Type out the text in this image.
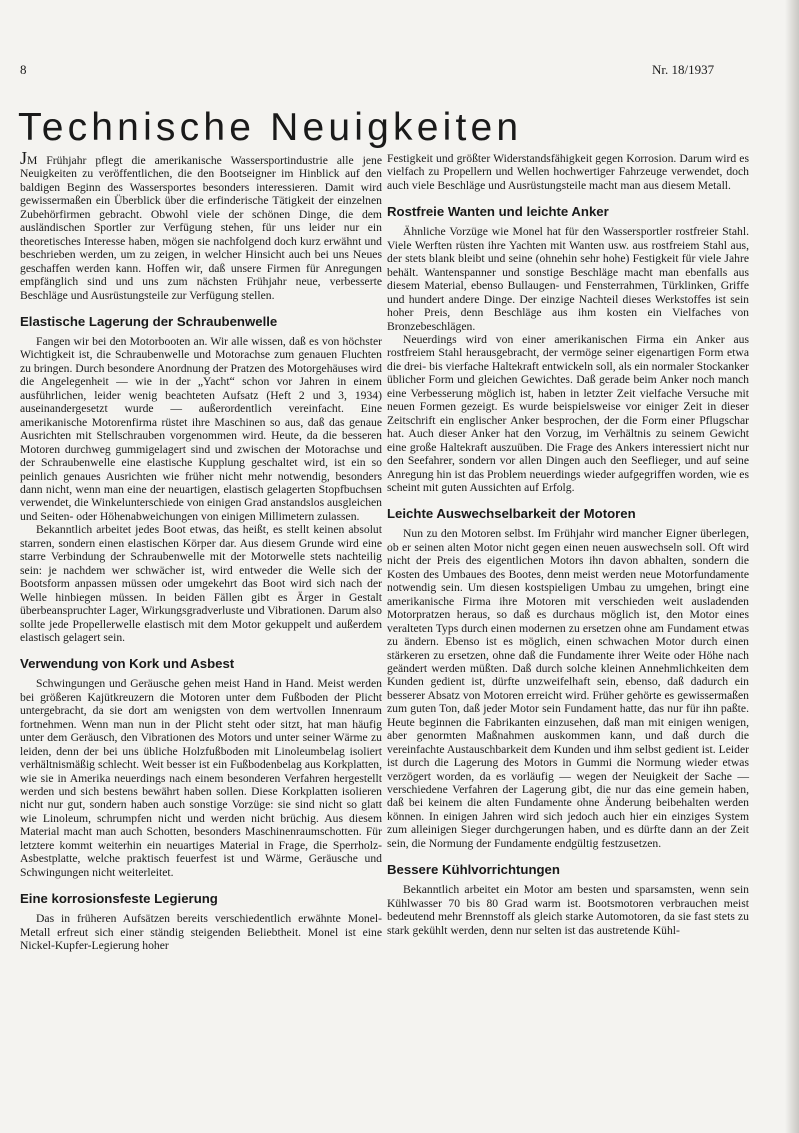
8	Nr. 18/1937
Technische Neuigkeiten

JM Frühjahr pflegt die amerikanische Wassersportindustrie alle jene Neuigkeiten zu veröffentlichen, die den Bootseigner im Hinblick auf den baldigen Beginn des Wassersportes besonders interessieren. Damit wird gewissermaßen ein Überblick über die erfinderische Tätigkeit der einzelnen Zubehörfirmen gebracht. Obwohl viele der schönen Dinge, die dem ausländischen Sportler zur Verfügung stehen, für uns leider nur ein theoretisches Interesse haben, mögen sie nachfolgend doch kurz erwähnt und beschrieben werden, um zu zeigen, in welcher Hinsicht auch bei uns Neues geschaffen werden kann. Hoffen wir, daß unsere Firmen für Anregungen empfänglich sind und uns zum nächsten Frühjahr neue, verbesserte Beschläge und Ausrüstungsteile zur Verfügung stellen.

Elastische Lagerung der Schraubenwelle

Fangen wir bei den Motorbooten an. Wir alle wissen, daß es von höchster Wichtigkeit ist, die Schraubenwelle und Motorachse zum genauen Fluchten zu bringen. Durch besondere Anordnung der Pratzen des Motorgehäuses wird die Angelegenheit — wie in der „Yacht“ schon vor Jahren in einem ausführlichen, leider wenig beachteten Aufsatz (Heft 2 und 3, 1934) auseinandergesetzt wurde — außerordentlich vereinfacht. Eine amerikanische Motorenfirma rüstet ihre Maschinen so aus, daß das genaue Ausrichten mit Stellschrauben vorgenommen wird. Heute, da die besseren Motoren durchweg gummigelagert sind und zwischen der Motorachse und der Schraubenwelle eine elastische Kupplung geschaltet wird, ist ein so peinlich genaues Ausrichten wie früher nicht mehr notwendig, besonders dann nicht, wenn man eine der neuartigen, elastisch gelagerten Stopfbuchsen verwendet, die Winkelunterschiede von einigen Grad anstandslos ausgleichen und Seiten- oder Höhenabweichungen von einigen Millimetern zulassen.

Bekanntlich arbeitet jedes Boot etwas, das heißt, es stellt keinen absolut starren, sondern einen elastischen Körper dar. Aus diesem Grunde wird eine starre Verbindung der Schraubenwelle mit der Motorwelle stets nachteilig sein: je nachdem wer schwächer ist, wird entweder die Welle sich der Bootsform anpassen müssen oder umgekehrt das Boot wird sich nach der Welle hinbiegen müssen. In beiden Fällen gibt es Ärger in Gestalt überbeanspruchter Lager, Wirkungsgradverluste und Vibrationen. Darum also sollte jede Propellerwelle elastisch mit dem Motor gekuppelt und außerdem elastisch gelagert sein.

Verwendung von Kork und Asbest

Schwingungen und Geräusche gehen meist Hand in Hand. Meist werden bei größeren Kajütkreuzern die Motoren unter dem Fußboden der Plicht untergebracht, da sie dort am wenigsten von dem wertvollen Innenraum fortnehmen. Wenn man nun in der Plicht steht oder sitzt, hat man häufig unter dem Geräusch, den Vibrationen des Motors und unter seiner Wärme zu leiden, denn der bei uns übliche Holzfußboden mit Linoleumbelag isoliert verhältnismäßig schlecht. Weit besser ist ein Fußbodenbelag aus Korkplatten, wie sie in Amerika neuerdings nach einem besonderen Verfahren hergestellt werden und sich bestens bewährt haben sollen. Diese Korkplatten isolieren nicht nur gut, sondern haben auch sonstige Vorzüge: sie sind nicht so glatt wie Linoleum, schrumpfen nicht und werden nicht brüchig. Aus diesem Material macht man auch Schotten, besonders Maschinenraumschotten. Für letztere kommt weiterhin ein neuartiges Material in Frage, die Sperrholz-Asbestplatte, welche praktisch feuerfest ist und Wärme, Geräusche und Schwingungen nicht weiterleitet.

Eine korrosionsfeste Legierung

Das in früheren Aufsätzen bereits verschiedentlich erwähnte Monel-Metall erfreut sich einer ständig steigenden Beliebtheit. Monel ist eine Nickel-Kupfer-Legierung hoher

Festigkeit und größter Widerstandsfähigkeit gegen Korrosion. Darum wird es vielfach zu Propellern und Wellen hochwertiger Fahrzeuge verwendet, doch auch viele Beschläge und Ausrüstungsteile macht man aus diesem Metall.

Rostfreie Wanten und leichte Anker

Ähnliche Vorzüge wie Monel hat für den Wassersportler rostfreier Stahl. Viele Werften rüsten ihre Yachten mit Wanten usw. aus rostfreiem Stahl aus, der stets blank bleibt und seine (ohnehin sehr hohe) Festigkeit für viele Jahre behält. Wantenspanner und sonstige Beschläge macht man ebenfalls aus diesem Material, ebenso Bullaugen- und Fensterrahmen, Türklinken, Griffe und hundert andere Dinge. Der einzige Nachteil dieses Werkstoffes ist sein hoher Preis, denn Beschläge aus ihm kosten ein Vielfaches von Bronzebeschlägen.

Neuerdings wird von einer amerikanischen Firma ein Anker aus rostfreiem Stahl herausgebracht, der vermöge seiner eigenartigen Form etwa die drei- bis vierfache Haltekraft entwickeln soll, als ein normaler Stockanker üblicher Form und gleichen Gewichtes. Daß gerade beim Anker noch manch eine Verbesserung möglich ist, haben in letzter Zeit vielfache Versuche mit neuen Formen gezeigt. Es wurde beispielsweise vor einiger Zeit in dieser Zeitschrift ein englischer Anker besprochen, der die Form einer Pflugschar hat. Auch dieser Anker hat den Vorzug, im Verhältnis zu seinem Gewicht eine große Haltekraft auszuüben. Die Frage des Ankers interessiert nicht nur den Seefahrer, sondern vor allen Dingen auch den Seeflieger, und auf seine Anregung hin ist das Problem neuerdings wieder aufgegriffen worden, wie es scheint mit guten Aussichten auf Erfolg.

Leichte Auswechselbarkeit der Motoren

Nun zu den Motoren selbst. Im Frühjahr wird mancher Eigner überlegen, ob er seinen alten Motor nicht gegen einen neuen auswechseln soll. Oft wird nicht der Preis des eigentlichen Motors ihn davon abhalten, sondern die Kosten des Umbaues des Bootes, denn meist werden neue Motorfundamente notwendig sein. Um diesen kostspieligen Umbau zu umgehen, bringt eine amerikanische Firma ihre Motoren mit verschieden weit ausladenden Motorpratzen heraus, so daß es durchaus möglich ist, den Motor eines veralteten Typs durch einen modernen zu ersetzen ohne am Fundament etwas zu ändern. Ebenso ist es möglich, einen schwachen Motor durch einen stärkeren zu ersetzen, ohne daß die Fundamente ihrer Weite oder Höhe nach geändert werden müßten. Daß durch solche kleinen Annehmlichkeiten dem Kunden gedient ist, dürfte unzweifelhaft sein, ebenso, daß dadurch ein besserer Absatz von Motoren erreicht wird. Früher gehörte es gewissermaßen zum guten Ton, daß jeder Motor sein Fundament hatte, das nur für ihn paßte. Heute beginnen die Fabrikanten einzusehen, daß man mit einigen wenigen, aber genormten Maßnahmen auskommen kann, und daß durch die vereinfachte Austauschbarkeit dem Kunden und ihm selbst gedient ist. Leider ist durch die Lagerung des Motors in Gummi die Normung wieder etwas verzögert worden, da es vorläufig — wegen der Neuigkeit der Sache — verschiedene Verfahren der Lagerung gibt, die nur das eine gemein haben, daß bei keinem die alten Fundamente ohne Änderung beibehalten werden können. In einigen Jahren wird sich jedoch auch hier ein einziges System zum alleinigen Sieger durchgerungen haben, und es dürfte dann an der Zeit sein, die Normung der Fundamente endgültig festzusetzen.

Bessere Kühlvorrichtungen

Bekanntlich arbeitet ein Motor am besten und sparsamsten, wenn sein Kühlwasser 70 bis 80 Grad warm ist. Bootsmotoren verbrauchen meist bedeutend mehr Brennstoff als gleich starke Automotoren, da sie fast stets zu stark gekühlt werden, denn nur selten ist das austretende Kühl-
